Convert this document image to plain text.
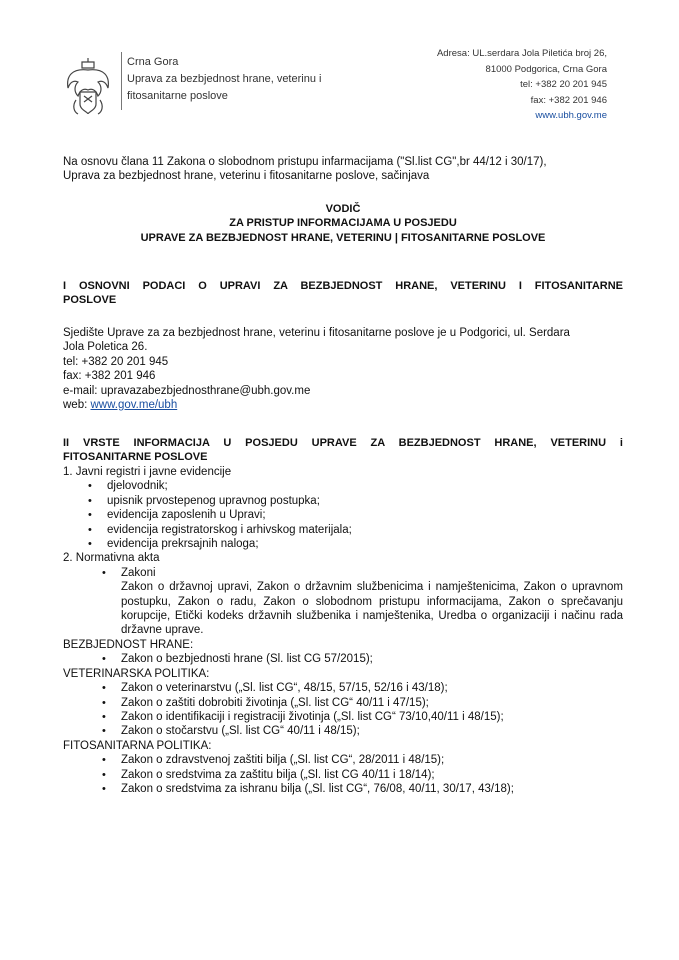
Crna Gora
Uprava za bezbjednost hrane, veterinu i
fitosanitarne poslove
Adresa: UL.serdara Jola Piletića broj 26,
81000 Podgorica, Crna Gora
tel: +382 20 201 945
fax: +382 201 946
www.ubh.gov.me
Na osnovu člana 11 Zakona o slobodnom pristupu infarmacijama ("Sl.list CG",br 44/12 i 30/17),
Uprava za bezbjednost hrane, veterinu i fitosanitarne poslove, sačinjava
VODIČ
ZA PRISTUP INFORMACIJAMA U POSJEDU
UPRAVE ZA BEZBJEDNOST HRANE, VETERINU | FITOSANITARNE POSLOVE
I OSNOVNI PODACI O UPRAVI ZA BEZBJEDNOST HRANE, VETERINU I FITOSANITARNE
POSLOVE
Sjedište Uprave za za bezbjednost hrane, veterinu i fitosanitarne poslove je u Podgorici, ul. Serdara
Jola Poletica 26.
tel: +382 20 201 945
fax: +382 201 946
e-mail: upravazabezbjednosthrane@ubh.gov.me
web: www.gov.me/ubh
II VRSTE INFORMACIJA U POSJEDU UPRAVE ZA BEZBJEDNOST HRANE, VETERINU i
FITOSANITARNE POSLOVE
1. Javni registri i javne evidencije
• djelovodnik;
• upisnik prvostepenog upravnog postupka;
• evidencija zaposlenih u Upravi;
• evidencija registratorskog i arhivskog materijala;
• evidencija prekrsajnih naloga;
2. Normativna akta
• Zakoni
Zakon o državnoj upravi, Zakon o državnim službenicima i namještenicima, Zakon o upravnom postupku, Zakon o radu, Zakon o slobodnom pristupu informacijama, Zakon o sprečavanju korupcije, Etički kodeks državnih službenika i namještenika, Uredba o organizaciji i načinu rada državne uprave.
BEZBJEDNOST HRANE:
• Zakon o bezbjednosti hrane (Sl. list CG 57/2015);
VETERINARSKA POLITIKA:
• Zakon o veterinarstvu („Sl. list CG“, 48/15, 57/15, 52/16 i 43/18);
• Zakon o zaštiti dobrobiti životinja („Sl. list CG“ 40/11 i 47/15);
• Zakon o identifikaciji i registraciji životinja („Sl. list CG“ 73/10,40/11 i 48/15);
• Zakon o stočarstvu („Sl. list CG“ 40/11 i 48/15);
FITOSANITARNA POLITIKA:
• Zakon o zdravstvenoj zaštiti bilja („Sl. list CG“, 28/2011 i 48/15);
• Zakon o sredstvima za zaštitu bilja („Sl. list CG 40/11 i 18/14);
• Zakon o sredstvima za ishranu bilja („Sl. list CG“, 76/08, 40/11, 30/17, 43/18);
